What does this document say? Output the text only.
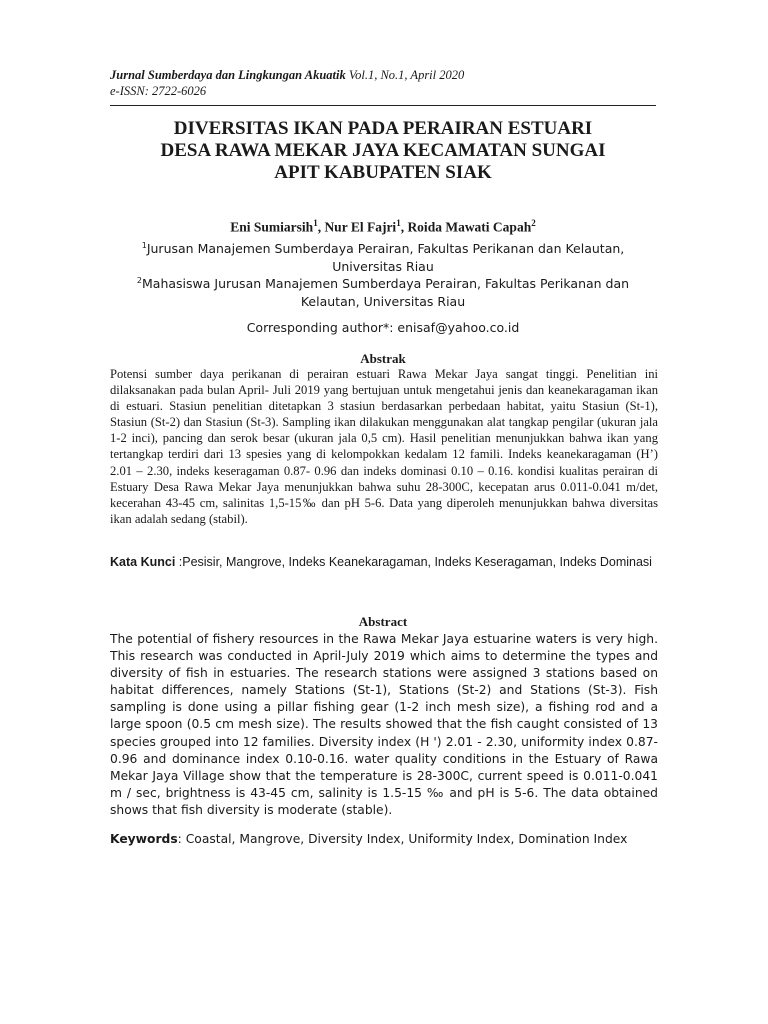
Jurnal Sumberdaya dan Lingkungan Akuatik Vol.1, No.1, April 2020
e-ISSN: 2722-6026
DIVERSITAS IKAN PADA PERAIRAN ESTUARI
DESA RAWA MEKAR JAYA KECAMATAN SUNGAI
APIT KABUPATEN SIAK
Eni Sumiarsih$^1$, Nur El Fajri$^1$, Roida Mawati Capah$^2$
$^1$Jurusan Manajemen Sumberdaya Perairan, Fakultas Perikanan dan Kelautan,
Universitas Riau
$^2$Mahasiswa Jurusan Manajemen Sumberdaya Perairan, Fakultas Perikanan dan
Kelautan, Universitas Riau
Corresponding author*: enisaf@yahoo.co.id
Abstrak
Potensi sumber daya perikanan di perairan estuari Rawa Mekar Jaya sangat tinggi. Penelitian ini dilaksanakan pada bulan April- Juli 2019 yang bertujuan untuk mengetahui jenis dan keanekaragaman ikan di estuari. Stasiun penelitian ditetapkan 3 stasiun berdasarkan perbedaan habitat, yaitu Stasiun (St-1), Stasiun (St-2) dan Stasiun (St-3). Sampling ikan dilakukan menggunakan alat tangkap pengilar (ukuran jala 1-2 inci), pancing dan serok besar (ukuran jala 0,5 cm). Hasil penelitian menunjukkan bahwa ikan yang tertangkap terdiri dari 13 spesies yang di kelompokkan kedalam 12 famili. Indeks keanekaragaman (H’) 2.01 – 2.30, indeks keseragaman 0.87- 0.96 dan indeks dominasi 0.10 – 0.16. kondisi kualitas perairan di Estuary Desa Rawa Mekar Jaya menunjukkan bahwa suhu 28-300C, kecepatan arus 0.011-0.041 m/det, kecerahan 43-45 cm, salinitas 1,5-15‰ dan pH 5-6. Data yang diperoleh menunjukkan bahwa diversitas ikan adalah sedang (stabil).
Kata Kunci :Pesisir, Mangrove, Indeks Keanekaragaman, Indeks Keseragaman, Indeks Dominasi
Abstract
The potential of fishery resources in the Rawa Mekar Jaya estuarine waters is very high. This research was conducted in April-July 2019 which aims to determine the types and diversity of fish in estuaries. The research stations were assigned 3 stations based on habitat differences, namely Stations (St-1), Stations (St-2) and Stations (St-3). Fish sampling is done using a pillar fishing gear (1-2 inch mesh size), a fishing rod and a large spoon (0.5 cm mesh size). The results showed that the fish caught consisted of 13 species grouped into 12 families. Diversity index (H ') 2.01 - 2.30, uniformity index 0.87-0.96 and dominance index 0.10-0.16. water quality conditions in the Estuary of Rawa Mekar Jaya Village show that the temperature is 28-300C, current speed is 0.011-0.041 m / sec, brightness is 43-45 cm, salinity is 1.5-15 ‰ and pH is 5-6. The data obtained shows that fish diversity is moderate (stable).
Keywords: Coastal, Mangrove, Diversity Index, Uniformity Index, Domination Index
